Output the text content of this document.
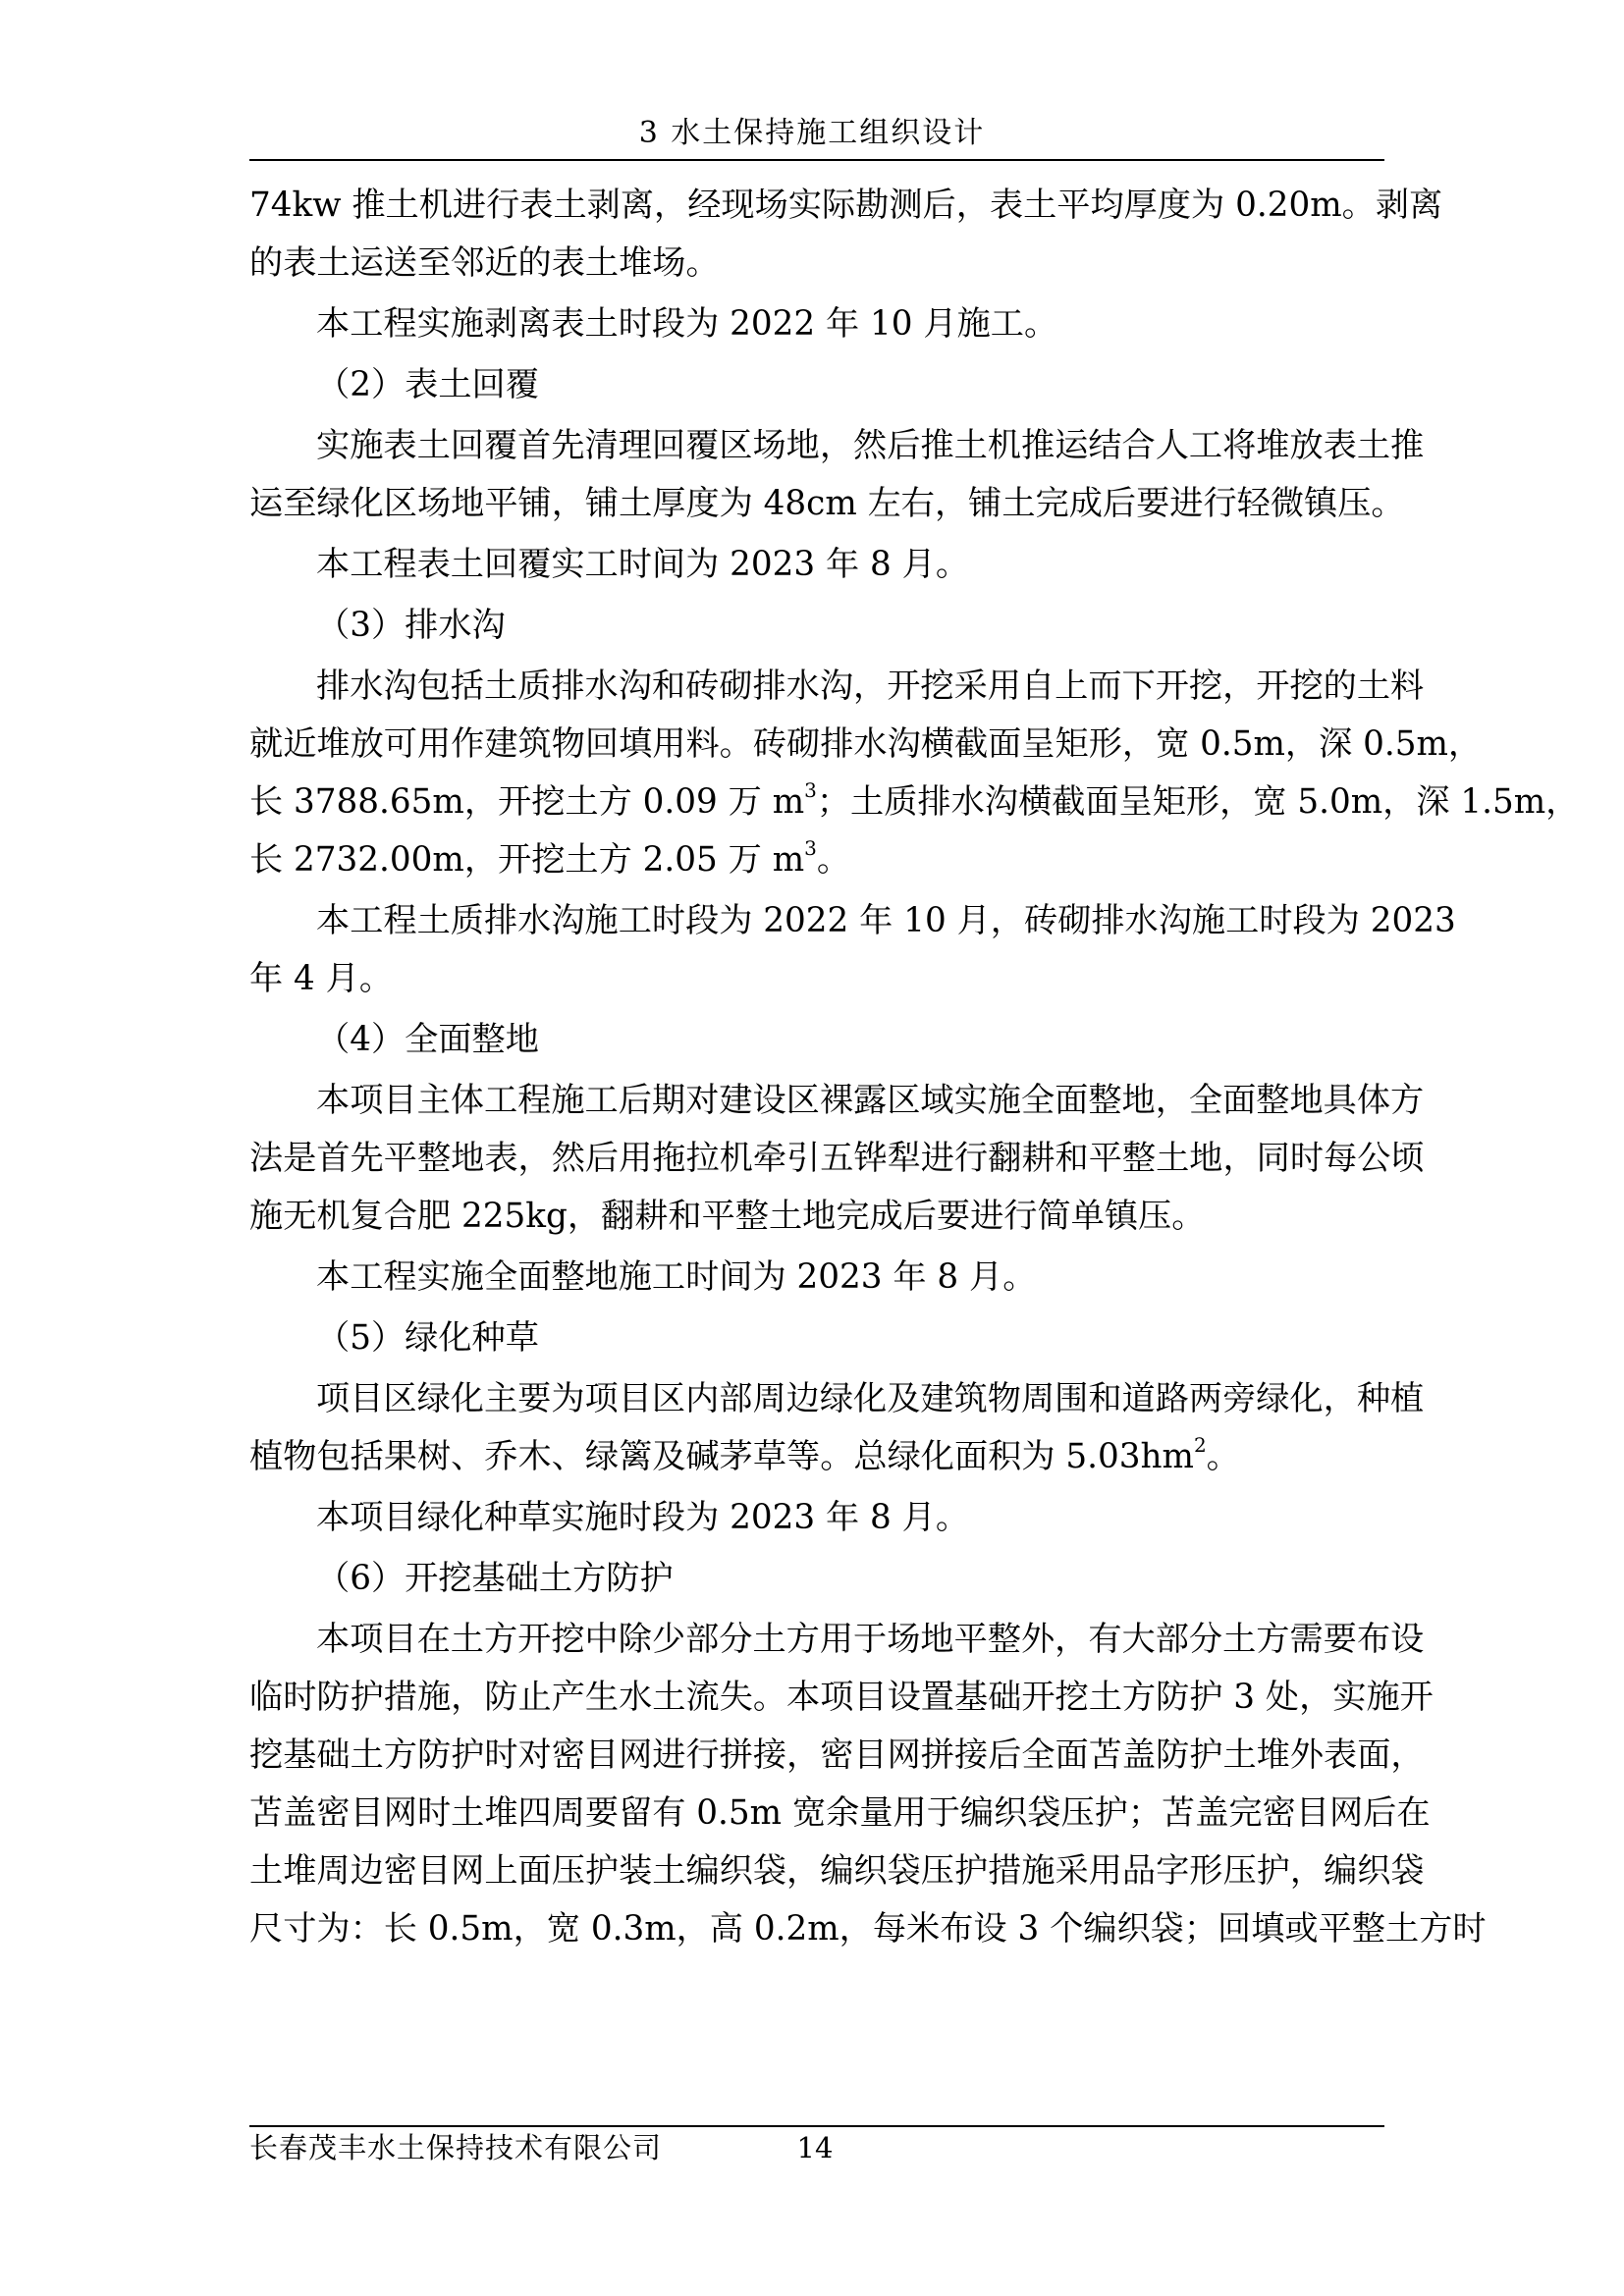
3 水土保持施工组织设计
74kw 推土机进行表土剥离，经现场实际勘测后，表土平均厚度为 0.20m。剥离
的表土运送至邻近的表土堆场。
本工程实施剥离表土时段为 2022 年 10 月施工。
（2）表土回覆
实施表土回覆首先清理回覆区场地，然后推土机推运结合人工将堆放表土推
运至绿化区场地平铺，铺土厚度为 48cm 左右，铺土完成后要进行轻微镇压。
本工程表土回覆实工时间为 2023 年 8 月。
（3）排水沟
排水沟包括土质排水沟和砖砌排水沟，开挖采用自上而下开挖，开挖的土料
就近堆放可用作建筑物回填用料。砖砌排水沟横截面呈矩形，宽 0.5m，深 0.5m，
长 3788.65m，开挖土方 0.09 万 $m^3$；土质排水沟横截面呈矩形，宽 5.0m，深 1.5m，
长 2732.00m，开挖土方 2.05 万 $m^3$。
本工程土质排水沟施工时段为 2022 年 10 月，砖砌排水沟施工时段为 2023
年 4 月。
（4）全面整地
本项目主体工程施工后期对建设区裸露区域实施全面整地，全面整地具体方
法是首先平整地表，然后用拖拉机牵引五铧犁进行翻耕和平整土地，同时每公顷
施无机复合肥 225kg，翻耕和平整土地完成后要进行简单镇压。
本工程实施全面整地施工时间为 2023 年 8 月。
（5）绿化种草
项目区绿化主要为项目区内部周边绿化及建筑物周围和道路两旁绿化，种植
植物包括果树、乔木、绿篱及碱茅草等。总绿化面积为 $5.03hm^2$。
本项目绿化种草实施时段为 2023 年 8 月。
（6）开挖基础土方防护
本项目在土方开挖中除少部分土方用于场地平整外，有大部分土方需要布设
临时防护措施，防止产生水土流失。本项目设置基础开挖土方防护 3 处，实施开
挖基础土方防护时对密目网进行拼接，密目网拼接后全面苫盖防护土堆外表面，
苫盖密目网时土堆四周要留有 0.5m 宽余量用于编织袋压护；苫盖完密目网后在
土堆周边密目网上面压护装土编织袋，编织袋压护措施采用品字形压护，编织袋
尺寸为：长 0.5m，宽 0.3m，高 0.2m，每米布设 3 个编织袋；回填或平整土方时
长春茂丰水土保持技术有限公司	14
